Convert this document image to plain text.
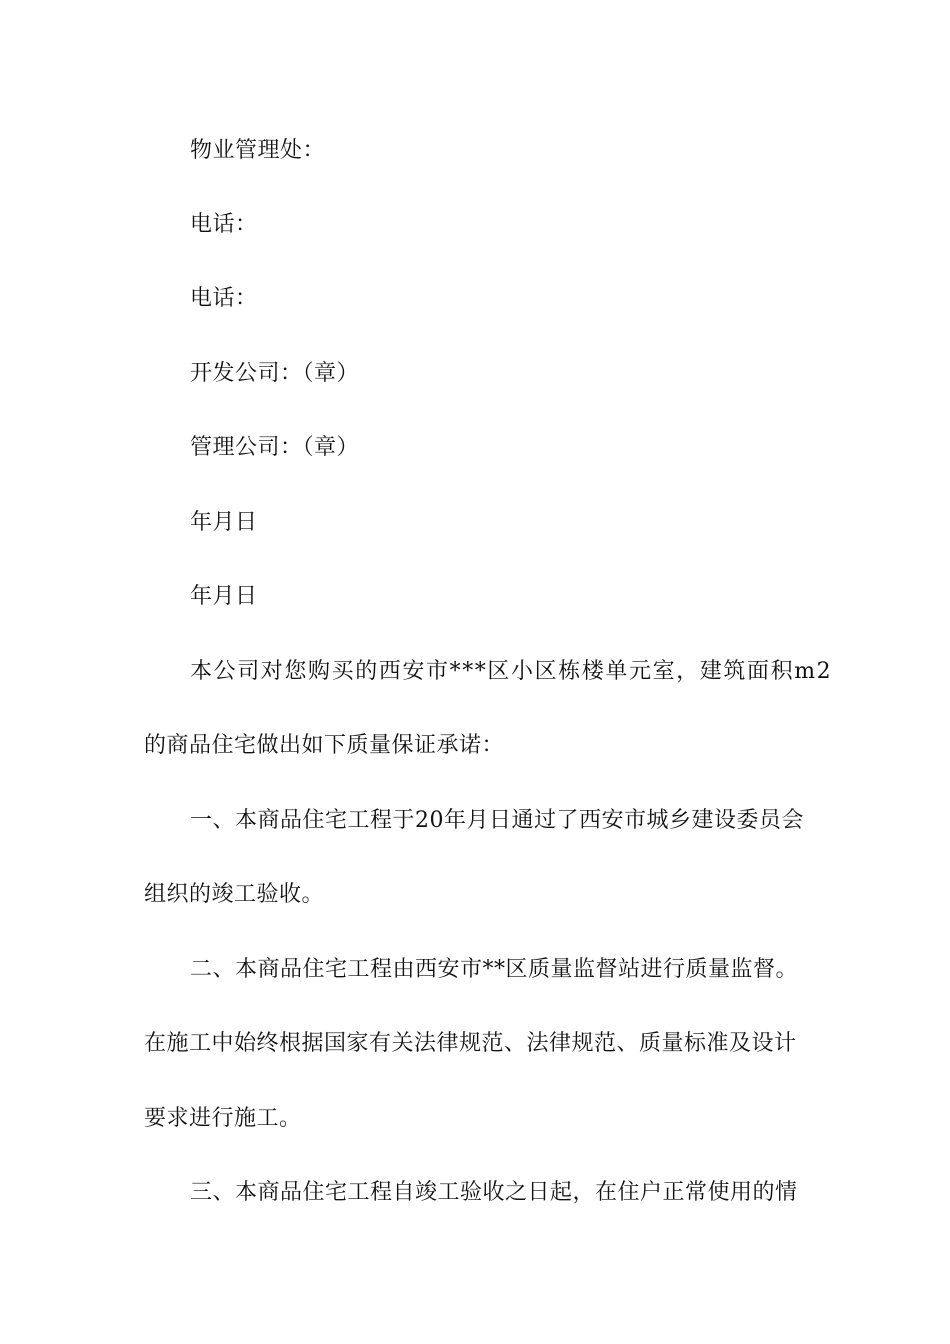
物业管理处：
电话：
电话：
开发公司：（章）
管理公司：（章）
年月日
年月日
本公司对您购买的西安市***区小区栋楼单元室，建筑面积m2
的商品住宅做出如下质量保证承诺：
一、本商品住宅工程于20年月日通过了西安市城乡建设委员会
组织的竣工验收。
二、本商品住宅工程由西安市**区质量监督站进行质量监督。
在施工中始终根据国家有关法律规范、法律规范、质量标准及设计
要求进行施工。
三、本商品住宅工程自竣工验收之日起，在住户正常使用的情
